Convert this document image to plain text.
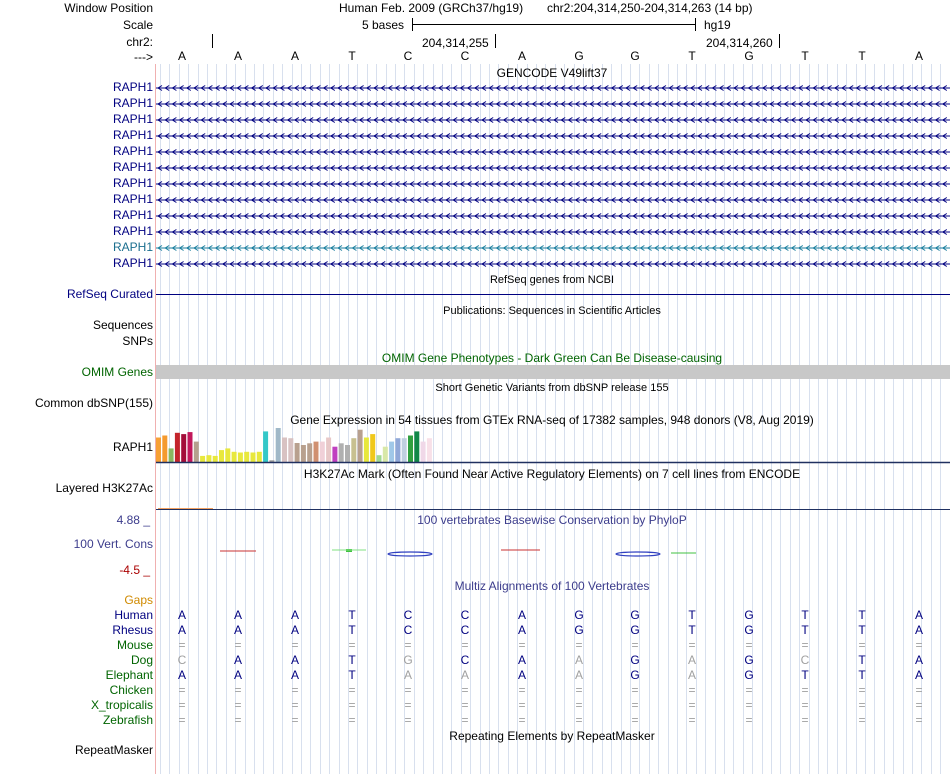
Window Position
Scale
chr2:
--->
Human Feb. 2009 (GRCh37/hg19) chr2:204,314,250-204,314,263 (14 bp)
5 bases	hg19
204,314,255	204,314,260
A	A	A	T	C	C	A	G	G	T	G	T	T	A
GENCODE V49lift37
RAPH1
RAPH1
RAPH1
RAPH1
RAPH1
RAPH1
RAPH1
RAPH1
RAPH1
RAPH1
RAPH1
RAPH1
RefSeq genes from NCBI
RefSeq Curated
Publications: Sequences in Scientific Articles
Sequences
SNPs
OMIM Gene Phenotypes - Dark Green Can Be Disease-causing
OMIM Genes
Short Genetic Variants from dbSNP release 155
Common dbSNP(155)
Gene Expression in 54 tissues from GTEx RNA-seq of 17382 samples, 948 donors (V8, Aug 2019)
RAPH1
H3K27Ac Mark (Often Found Near Active Regulatory Elements) on 7 cell lines from ENCODE
Layered H3K27Ac
100 vertebrates Basewise Conservation by PhyloP
4.88 _
100 Vert. Cons
-4.5 _
Multiz Alignments of 100 Vertebrates
Gaps
Human A	A	A	T	C	C	A	G	G	T	G	T	T	A
Rhesus A	A	A	T	C	C	A	G	G	T	G	T	T	A
Mouse =	=	=	=	=	=	=	=	=	=	=	=	=	=
Dog C	A	A	T	G	C	A	A	G	A	G	C	T	A
Elephant A	A	A	T	A	A	A	A	G	A	G	T	T	A
Chicken =	=	=	=	=	=	=	=	=	=	=	=	=	=
X_tropicalis =	=	=	=	=	=	=	=	=	=	=	=	=	=
Zebrafish =	=	=	=	=	=	=	=	=	=	=	=	=	=
Repeating Elements by RepeatMasker
RepeatMasker
